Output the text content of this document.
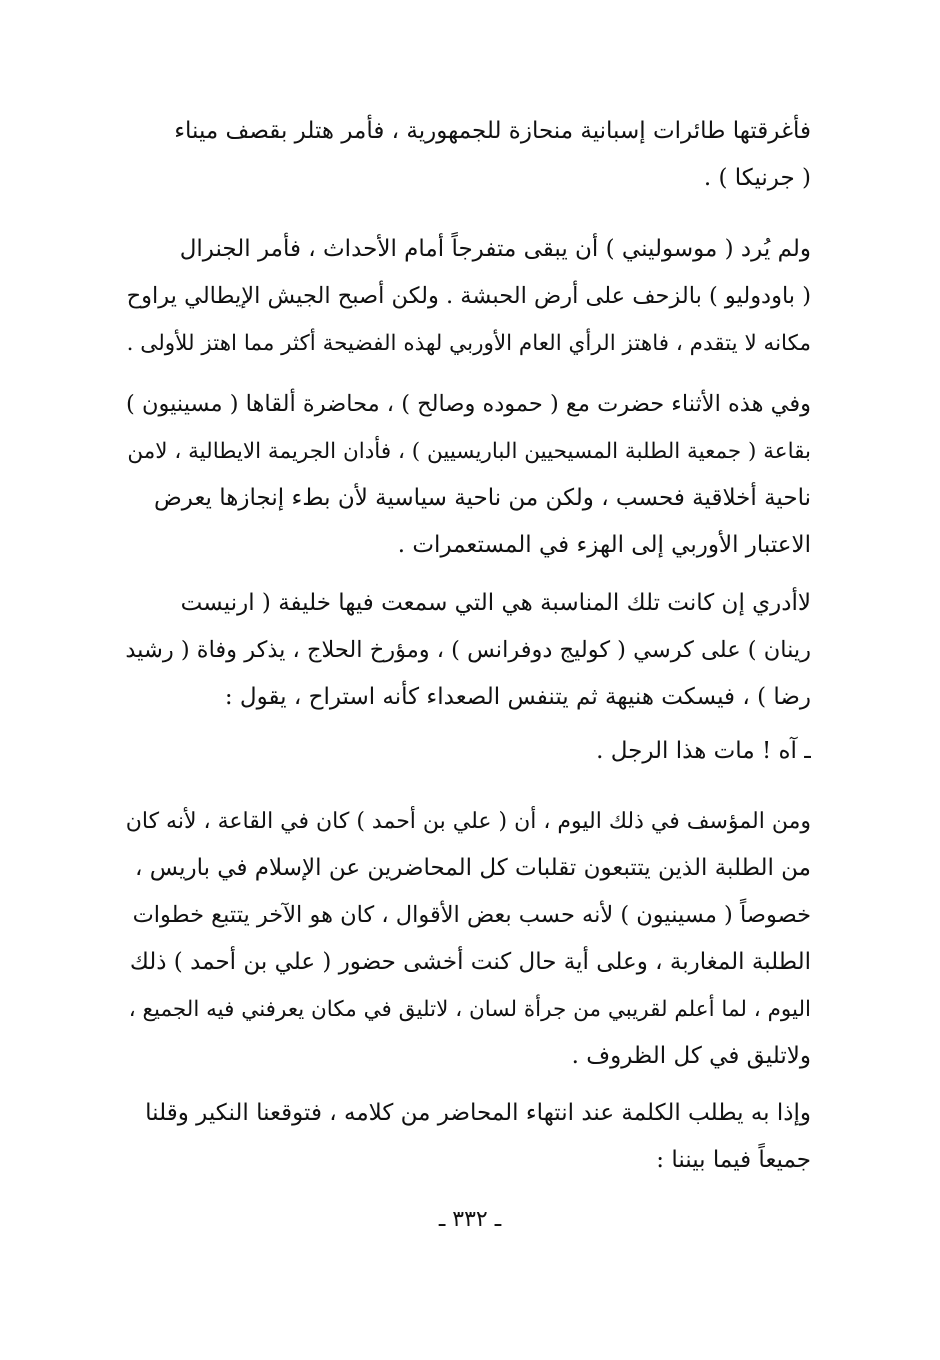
فأغرقتها طائرات إسبانية منحازة للجمهورية ، فأمر هتلر بقصف ميناء
( جرنيكا ) .
ولم يُرد ( موسوليني ) أن يبقى متفرجاً أمام الأحداث ، فأمر الجنرال
( باودوليو ) بالزحف على أرض الحبشة . ولكن أصبح الجيش الإيطالي يراوح
مكانه لا يتقدم ، فاهتز الرأي العام الأوربي لهذه الفضيحة أكثر مما اهتز للأولى .
وفي هذه الأثناء حضرت مع ( حموده وصالح ) ، محاضرة ألقاها ( مسينيون )
بقاعة ( جمعية الطلبة المسيحيين الباريسيين ) ، فأدان الجريمة الايطالية ، لامن
ناحية أخلاقية فحسب ، ولكن من ناحية سياسية لأن بطء إنجازها يعرض
الاعتبار الأوربي إلى الهزء في المستعمرات .
لاأدري إن كانت تلك المناسبة هي التي سمعت فيها خليفة ( ارنيست
رينان ) على كرسي ( كوليج دوفرانس ) ، ومؤرخ الحلاج ، يذكر وفاة ( رشيد
رضا ) ، فيسكت هنيهة ثم يتنفس الصعداء كأنه استراح ، يقول :
ـ آه ! مات هذا الرجل .
ومن المؤسف في ذلك اليوم ، أن ( علي بن أحمد ) كان في القاعة ، لأنه كان
من الطلبة الذين يتتبعون تقلبات كل المحاضرين عن الإسلام في باريس ،
خصوصاً ( مسينيون ) لأنه حسب بعض الأقوال ، كان هو الآخر يتتبع خطوات
الطلبة المغاربة ، وعلى أية حال كنت أخشى حضور ( علي بن أحمد ) ذلك
اليوم ، لما أعلم لقريبي من جرأة لسان ، لاتليق في مكان يعرفني فيه الجميع ،
ولاتليق في كل الظروف .
وإذا به يطلب الكلمة عند انتهاء المحاضر من كلامه ، فتوقعنا النكير وقلنا
جميعاً فيما بيننا :
ـ ٣٣٢ ـ
